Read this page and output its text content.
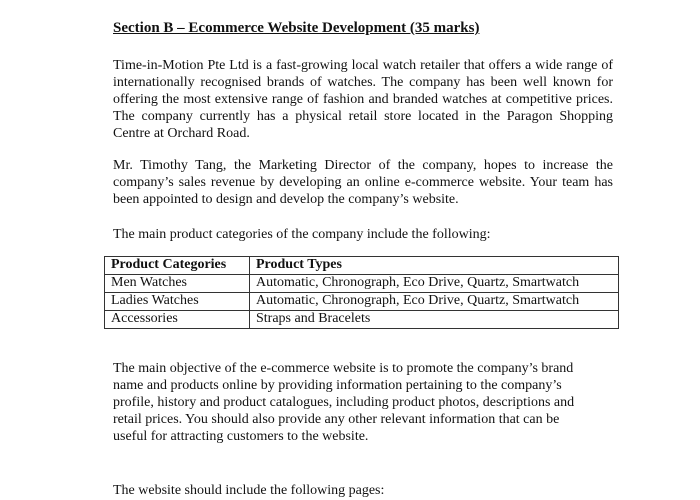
Section B – Ecommerce Website Development (35 marks)
Time-in-Motion Pte Ltd is a fast-growing local watch retailer that offers a wide range of internationally recognised brands of watches. The company has been well known for offering the most extensive range of fashion and branded watches at competitive prices. The company currently has a physical retail store located in the Paragon Shopping Centre at Orchard Road.
Mr. Timothy Tang, the Marketing Director of the company, hopes to increase the company’s sales revenue by developing an online e-commerce website. Your team has been appointed to design and develop the company’s website.
The main product categories of the company include the following:
Product Categories	Product Types
Men Watches	Automatic, Chronograph, Eco Drive, Quartz, Smartwatch
Ladies Watches	Automatic, Chronograph, Eco Drive, Quartz, Smartwatch
Accessories	Straps and Bracelets
The main objective of the e-commerce website is to promote the company’s brand name and products online by providing information pertaining to the company’s profile, history and product catalogues, including product photos, descriptions and retail prices. You should also provide any other relevant information that can be useful for attracting customers to the website.
The website should include the following pages:
